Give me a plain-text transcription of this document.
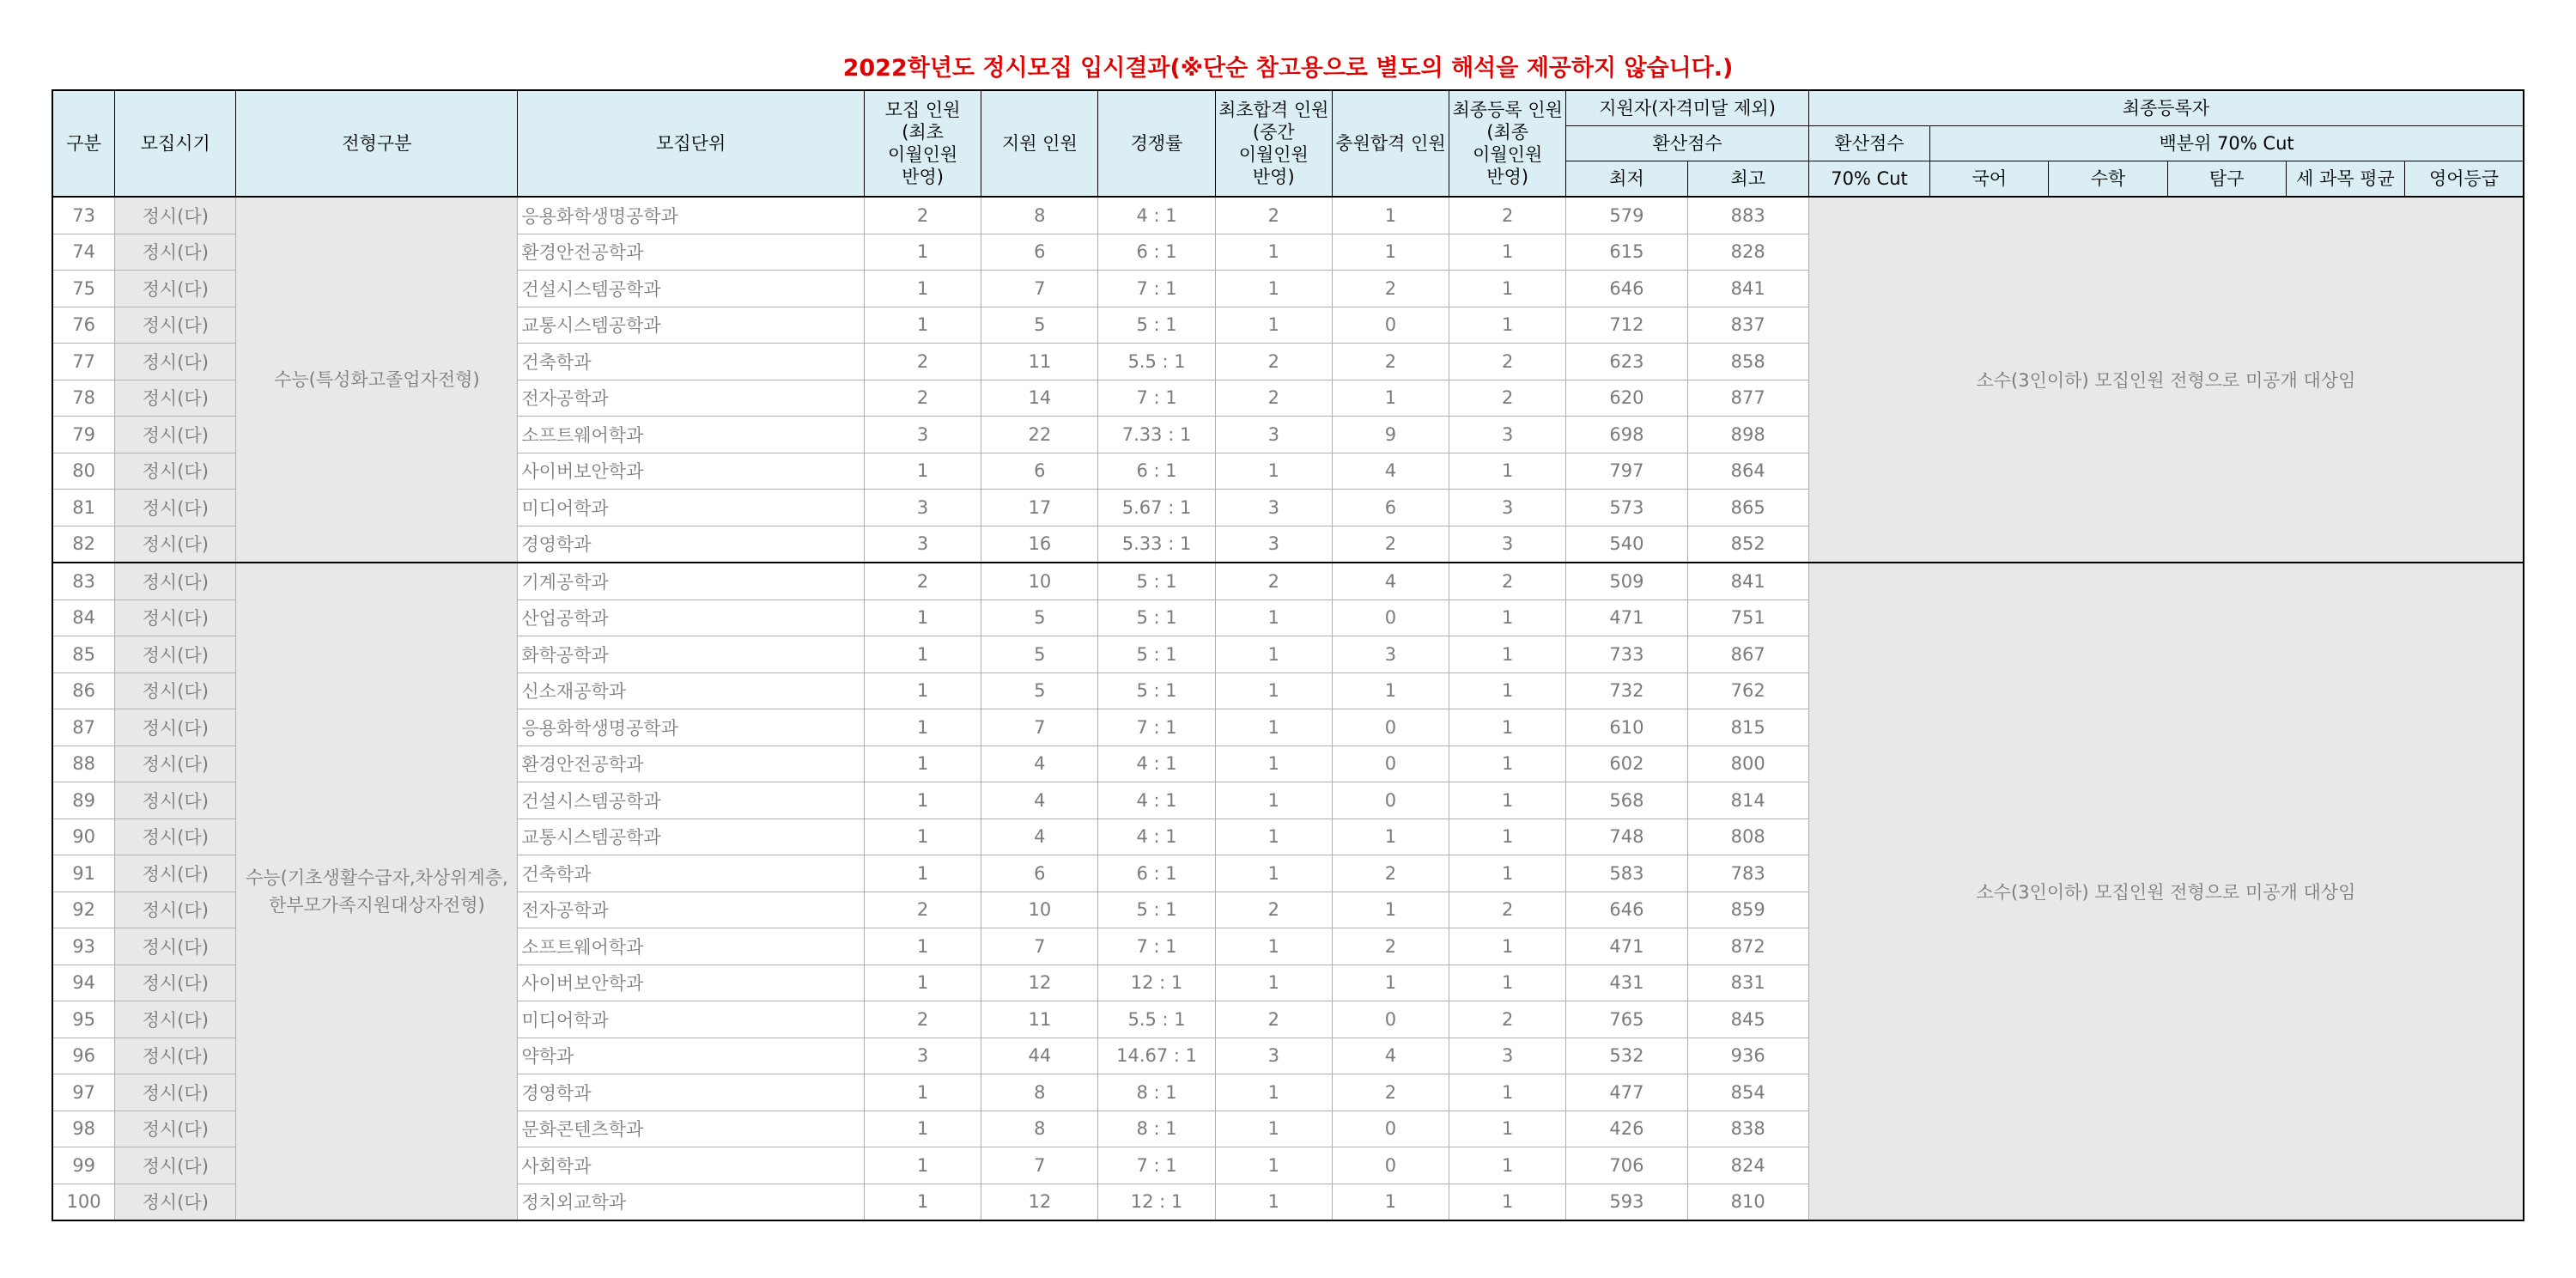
2022학년도 정시모집 입시결과(※단순 참고용으로 별도의 해석을 제공하지 않습니다.)
구분	모집시기	전형구분	모집단위	모집 인원(최초 이월인원 반영)	지원 인원	경쟁률	최초합격 인원(중간 이월인원 반영)	충원합격 인원	최종등록 인원(최종 이월인원 반영)	지원자(자격미달 제외)		최종등록자					
										환산점수		환산점수	백분위 70% Cut				
										최저	최고	70% Cut	국어	수학	탐구	세 과목 평균	영어등급
73	정시(다)	수능(특성화고졸업자전형)	응용화학생명공학과	2	8	4 : 1	2	1	2	579	883	소수(3인이하) 모집인원 전형으로 미공개 대상임					
74	정시(다)		환경안전공학과	1	6	6 : 1	1	1	1	615	828						
75	정시(다)		건설시스템공학과	1	7	7 : 1	1	2	1	646	841						
76	정시(다)		교통시스템공학과	1	5	5 : 1	1	0	1	712	837						
77	정시(다)		건축학과	2	11	5.5 : 1	2	2	2	623	858						
78	정시(다)		전자공학과	2	14	7 : 1	2	1	2	620	877						
79	정시(다)		소프트웨어학과	3	22	7.33 : 1	3	9	3	698	898						
80	정시(다)		사이버보안학과	1	6	6 : 1	1	4	1	797	864						
81	정시(다)		미디어학과	3	17	5.67 : 1	3	6	3	573	865						
82	정시(다)		경영학과	3	16	5.33 : 1	3	2	3	540	852						
83	정시(다)	수능(기초생활수급자,차상위계층,한부모가족지원대상자전형)	기계공학과	2	10	5 : 1	2	4	2	509	841	소수(3인이하) 모집인원 전형으로 미공개 대상임					
84	정시(다)		산업공학과	1	5	5 : 1	1	0	1	471	751						
85	정시(다)		화학공학과	1	5	5 : 1	1	3	1	733	867						
86	정시(다)		신소재공학과	1	5	5 : 1	1	1	1	732	762						
87	정시(다)		응용화학생명공학과	1	7	7 : 1	1	0	1	610	815						
88	정시(다)		환경안전공학과	1	4	4 : 1	1	0	1	602	800						
89	정시(다)		건설시스템공학과	1	4	4 : 1	1	0	1	568	814						
90	정시(다)		교통시스템공학과	1	4	4 : 1	1	1	1	748	808						
91	정시(다)		건축학과	1	6	6 : 1	1	2	1	583	783						
92	정시(다)		전자공학과	2	10	5 : 1	2	1	2	646	859						
93	정시(다)		소프트웨어학과	1	7	7 : 1	1	2	1	471	872						
94	정시(다)		사이버보안학과	1	12	12 : 1	1	1	1	431	831						
95	정시(다)		미디어학과	2	11	5.5 : 1	2	0	2	765	845						
96	정시(다)		약학과	3	44	14.67 : 1	3	4	3	532	936						
97	정시(다)		경영학과	1	8	8 : 1	1	2	1	477	854						
98	정시(다)		문화콘텐츠학과	1	8	8 : 1	1	0	1	426	838						
99	정시(다)		사회학과	1	7	7 : 1	1	0	1	706	824						
100	정시(다)		정치외교학과	1	12	12 : 1	1	1	1	593	810						
